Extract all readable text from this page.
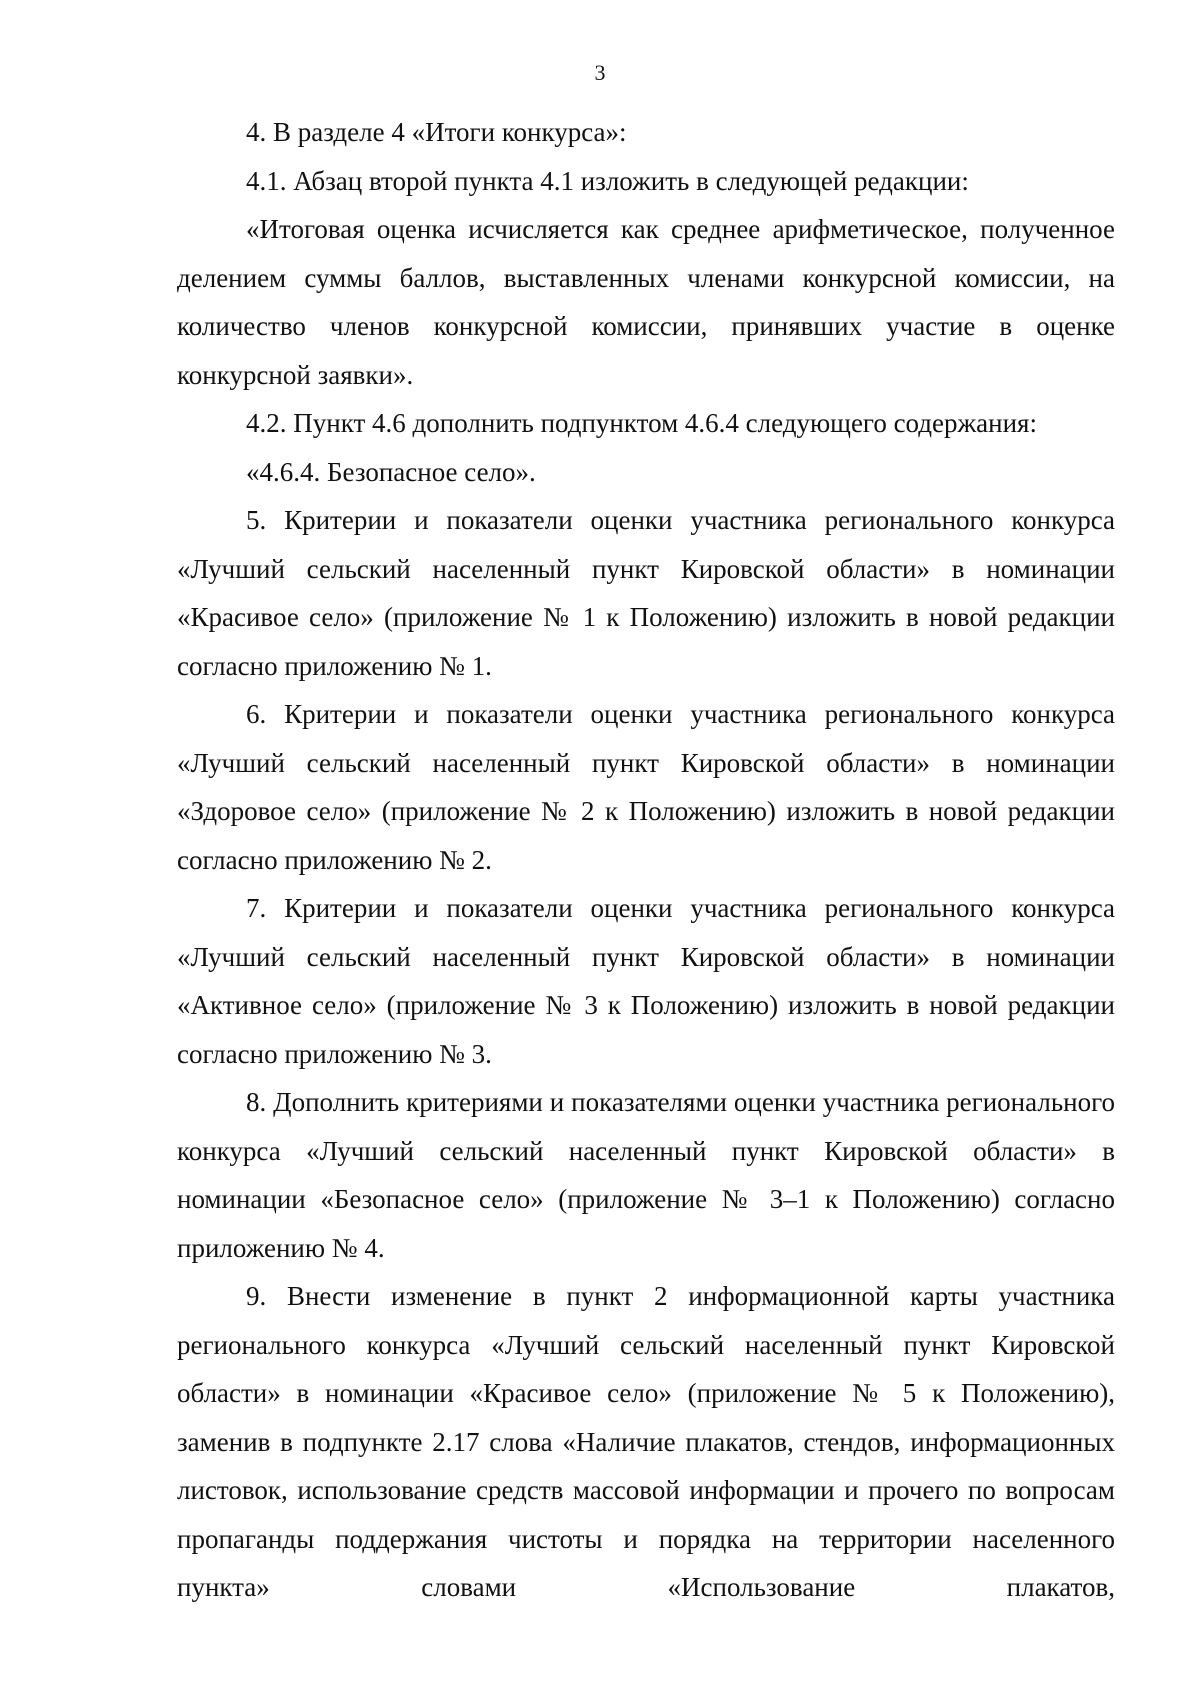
3

4. В разделе 4 «Итоги конкурса»:

4.1. Абзац второй пункта 4.1 изложить в следующей редакции:

«Итоговая оценка исчисляется как среднее арифметическое, полученное делением суммы баллов, выставленных членами конкурсной комиссии, на количество членов конкурсной комиссии, принявших участие в оценке конкурсной заявки».

4.2. Пункт 4.6 дополнить подпунктом 4.6.4 следующего содержания:

«4.6.4. Безопасное село».

5. Критерии и показатели оценки участника регионального конкурса «Лучший сельский населенный пункт Кировской области» в номинации «Красивое село» (приложение № 1 к Положению) изложить в новой редакции согласно приложению № 1.

6. Критерии и показатели оценки участника регионального конкурса «Лучший сельский населенный пункт Кировской области» в номинации «Здоровое село» (приложение № 2 к Положению) изложить в новой редакции согласно приложению № 2.

7. Критерии и показатели оценки участника регионального конкурса «Лучший сельский населенный пункт Кировской области» в номинации «Активное село» (приложение № 3 к Положению) изложить в новой редакции согласно приложению № 3.

8. Дополнить критериями и показателями оценки участника регионального конкурса «Лучший сельский населенный пункт Кировской области» в номинации «Безопасное село» (приложение № 3–1 к Положению) согласно приложению № 4.

9. Внести изменение в пункт 2 информационной карты участника регионального конкурса «Лучший сельский населенный пункт Кировской области» в номинации «Красивое село» (приложение № 5 к Положению), заменив в подпункте 2.17 слова «Наличие плакатов, стендов, информационных листовок, использование средств массовой информации и прочего по вопросам пропаганды поддержания чистоты и порядка на территории населенного пункта» словами «Использование плакатов,
